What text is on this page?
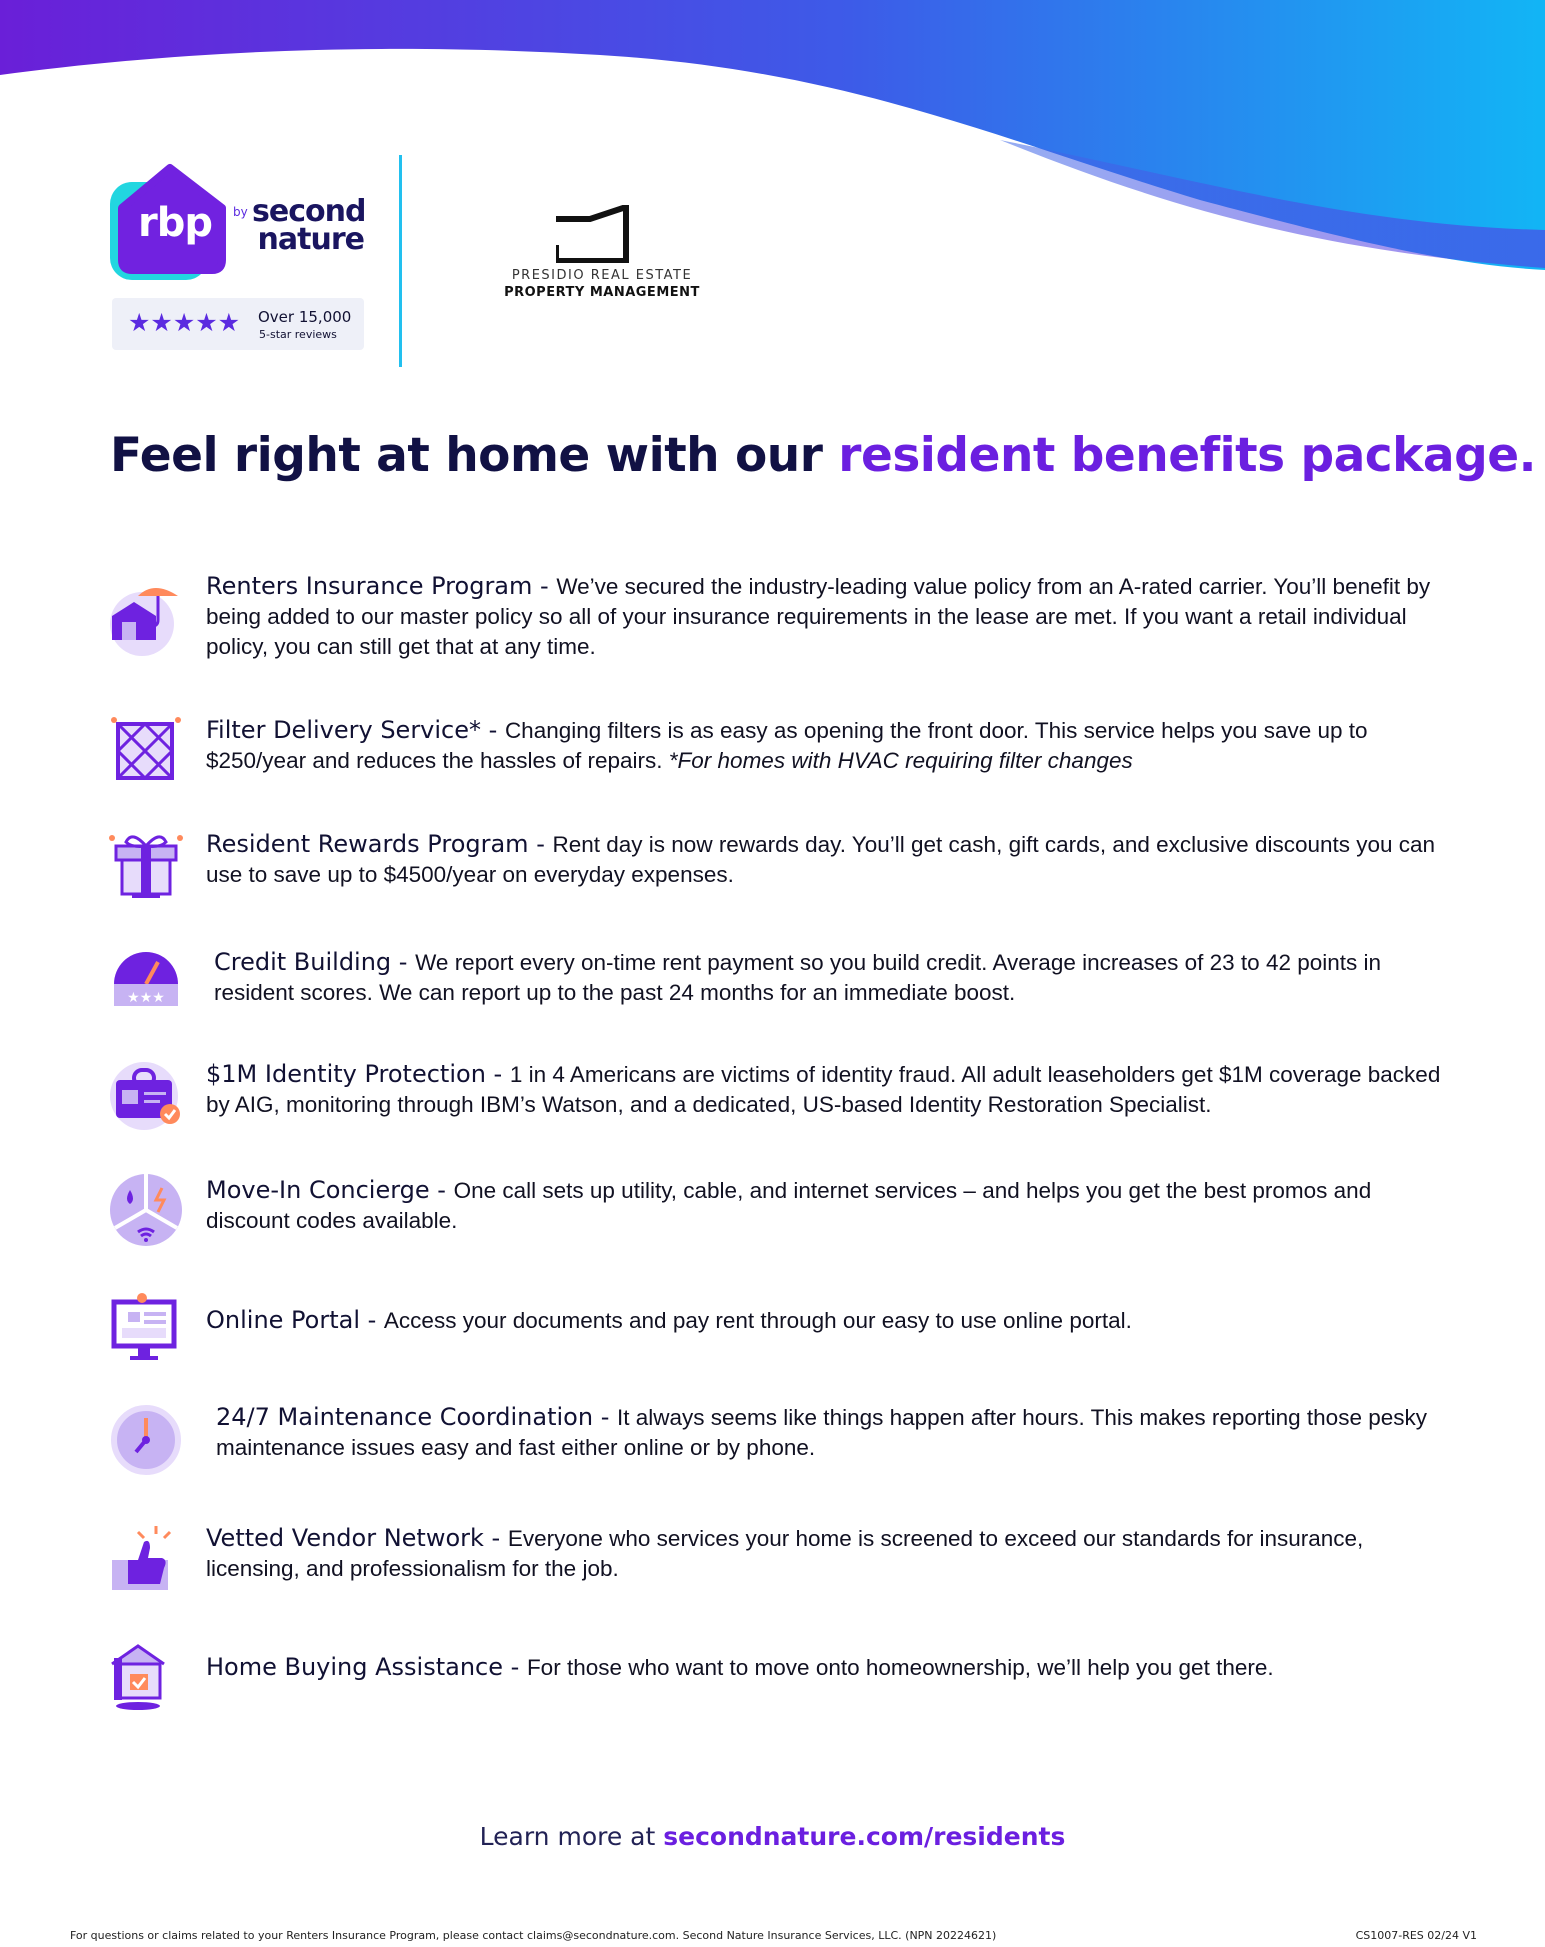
rbp by second
nature
★★★★★ Over 15,000
5-star reviews
PRESIDIO REAL ESTATE
PROPERTY MANAGEMENT
Feel right at home with our resident benefits package.
Renters Insurance Program - We’ve secured the industry-leading value policy from an A-rated carrier. You’ll benefit by being added to our master policy so all of your insurance requirements in the lease are met. If you want a retail individual policy, you can still get that at any time.
Filter Delivery Service* - Changing filters is as easy as opening the front door. This service helps you save up to $250/year and reduces the hassles of repairs. *For homes with HVAC requiring filter changes
Resident Rewards Program - Rent day is now rewards day. You’ll get cash, gift cards, and exclusive discounts you can use to save up to $4500/year on everyday expenses.
★★★
Credit Building - We report every on-time rent payment so you build credit. Average increases of 23 to 42 points in resident scores. We can report up to the past 24 months for an immediate boost.
$1M Identity Protection - 1 in 4 Americans are victims of identity fraud. All adult leaseholders get $1M coverage backed by AIG, monitoring through IBM’s Watson, and a dedicated, US-based Identity Restoration Specialist.
Move-In Concierge - One call sets up utility, cable, and internet services – and helps you get the best promos and discount codes available.
Online Portal - Access your documents and pay rent through our easy to use online portal.
24/7 Maintenance Coordination - It always seems like things happen after hours. This makes reporting those pesky maintenance issues easy and fast either online or by phone.
Vetted Vendor Network - Everyone who services your home is screened to exceed our standards for insurance, licensing, and professionalism for the job.
Home Buying Assistance - For those who want to move onto homeownership, we’ll help you get there.
Learn more at secondnature.com/residents
For questions or claims related to your Renters Insurance Program, please contact claims@secondnature.com. Second Nature Insurance Services, LLC. (NPN 20224621)	CS1007-RES 02/24 V1
